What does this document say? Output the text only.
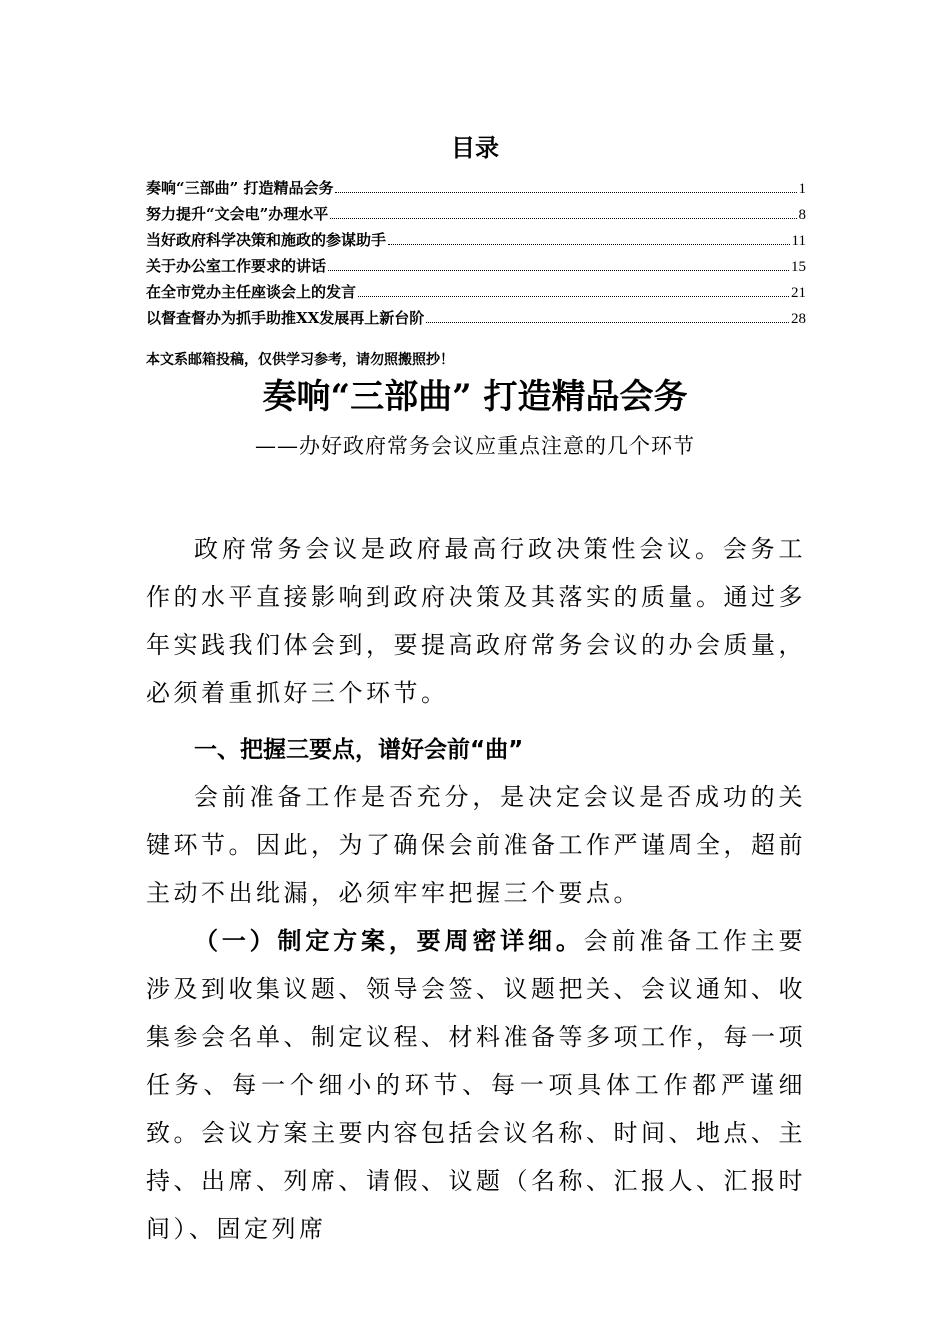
目录
奏响“三部曲” 打造精品会务	1
努力提升“文会电”办理水平	8
当好政府科学决策和施政的参谋助手	11
关于办公室工作要求的讲话	15
在全市党办主任座谈会上的发言	21
以督查督办为抓手助推XX发展再上新台阶	28
本文系邮箱投稿，仅供学习参考，请勿照搬照抄！
奏响“三部曲” 打造精品会务
——办好政府常务会议应重点注意的几个环节
政府常务会议是政府最高行政决策性会议。会务工作的水平直接影响到政府决策及其落实的质量。通过多年实践我们体会到，要提高政府常务会议的办会质量，必须着重抓好三个环节。
一、把握三要点，谱好会前“曲”
会前准备工作是否充分，是决定会议是否成功的关键环节。因此，为了确保会前准备工作严谨周全，超前主动不出纰漏，必须牢牢把握三个要点。
（一）制定方案，要周密详细。会前准备工作主要涉及到收集议题、领导会签、议题把关、会议通知、收集参会名单、制定议程、材料准备等多项工作，每一项任务、每一个细小的环节、每一项具体工作都严谨细致。会议方案主要内容包括会议名称、时间、地点、主持、出席、列席、请假、议题（名称、汇报人、汇报时间）、固定列席
